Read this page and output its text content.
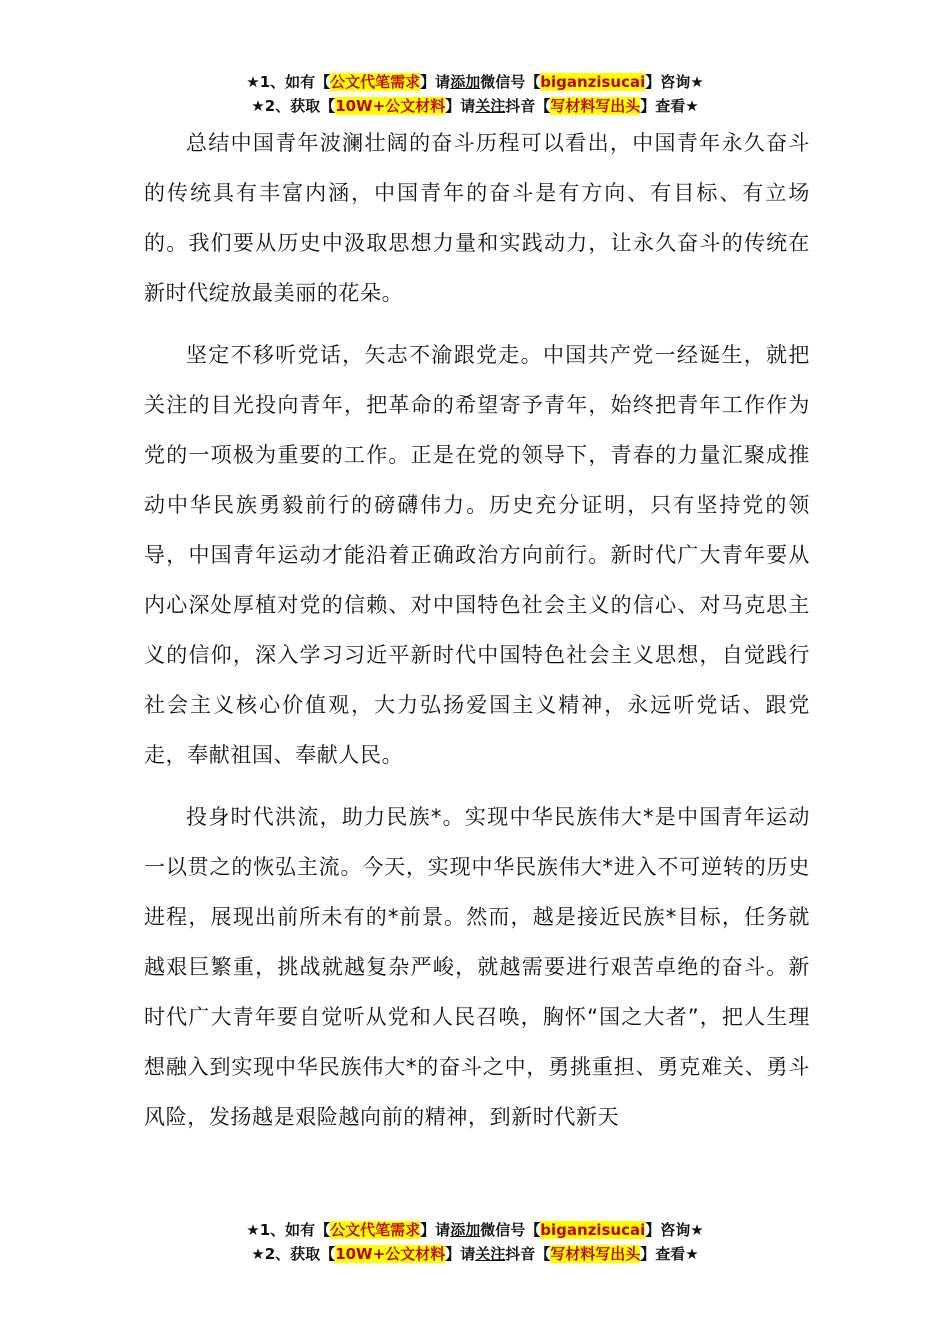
★1、如有【公文代笔需求】请添加微信号【biganzisucai】咨询★
★2、获取【10W+公文材料】请关注抖音【写材料写出头】查看★

总结中国青年波澜壮阔的奋斗历程可以看出，中国青年永久奋斗的传统具有丰富内涵，中国青年的奋斗是有方向、有目标、有立场的。我们要从历史中汲取思想力量和实践动力，让永久奋斗的传统在新时代绽放最美丽的花朵。

坚定不移听党话，矢志不渝跟党走。中国共产党一经诞生，就把关注的目光投向青年，把革命的希望寄予青年，始终把青年工作作为党的一项极为重要的工作。正是在党的领导下，青春的力量汇聚成推动中华民族勇毅前行的磅礴伟力。历史充分证明，只有坚持党的领导，中国青年运动才能沿着正确政治方向前行。新时代广大青年要从内心深处厚植对党的信赖、对中国特色社会主义的信心、对马克思主义的信仰，深入学习习近平新时代中国特色社会主义思想，自觉践行社会主义核心价值观，大力弘扬爱国主义精神，永远听党话、跟党走，奉献祖国、奉献人民。

投身时代洪流，助力民族*。实现中华民族伟大*是中国青年运动一以贯之的恢弘主流。今天，实现中华民族伟大*进入不可逆转的历史进程，展现出前所未有的*前景。然而，越是接近民族*目标，任务就越艰巨繁重，挑战就越复杂严峻，就越需要进行艰苦卓绝的奋斗。新时代广大青年要自觉听从党和人民召唤，胸怀“国之大者”，把人生理想融入到实现中华民族伟大*的奋斗之中，勇挑重担、勇克难关、勇斗风险，发扬越是艰险越向前的精神，到新时代新天

★1、如有【公文代笔需求】请添加微信号【biganzisucai】咨询★
★2、获取【10W+公文材料】请关注抖音【写材料写出头】查看★
